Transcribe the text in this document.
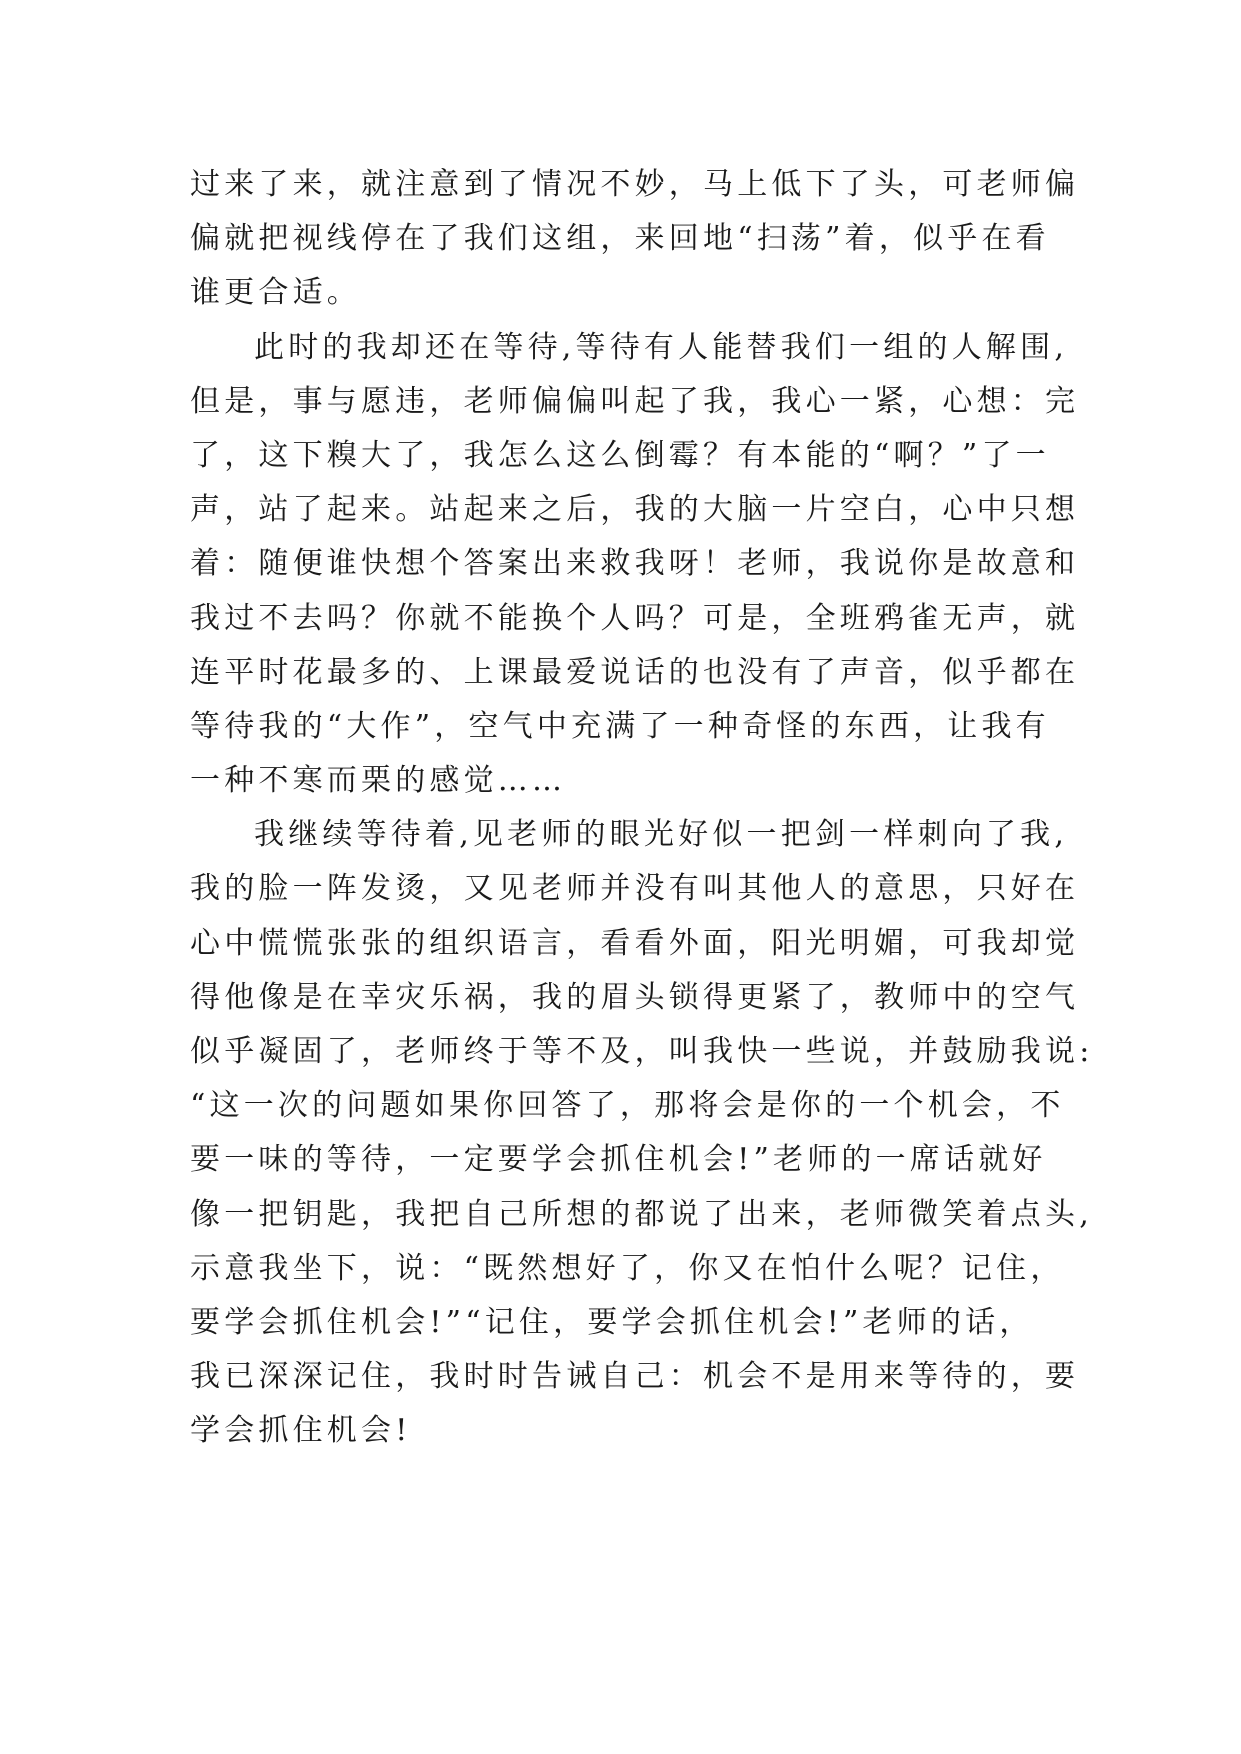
过来了来，就注意到了情况不妙，马上低下了头，可老师偏
偏就把视线停在了我们这组，来回地“扫荡”着，似乎在看
谁更合适。
此时的我却还在等待,等待有人能替我们一组的人解围,
但是，事与愿违，老师偏偏叫起了我，我心一紧，心想：完
了，这下糗大了，我怎么这么倒霉？有本能的“啊？”了一
声，站了起来。站起来之后，我的大脑一片空白，心中只想
着：随便谁快想个答案出来救我呀！老师，我说你是故意和
我过不去吗？你就不能换个人吗？可是，全班鸦雀无声，就
连平时花最多的、上课最爱说话的也没有了声音，似乎都在
等待我的“大作”，空气中充满了一种奇怪的东西，让我有
一种不寒而栗的感觉……
我继续等待着,见老师的眼光好似一把剑一样刺向了我,
我的脸一阵发烫，又见老师并没有叫其他人的意思，只好在
心中慌慌张张的组织语言，看看外面，阳光明媚，可我却觉
得他像是在幸灾乐祸，我的眉头锁得更紧了，教师中的空气
似乎凝固了，老师终于等不及，叫我快一些说，并鼓励我说:
“这一次的问题如果你回答了，那将会是你的一个机会，不
要一味的等待，一定要学会抓住机会!”老师的一席话就好
像一把钥匙，我把自己所想的都说了出来，老师微笑着点头,
示意我坐下，说：“既然想好了，你又在怕什么呢？记住，
要学会抓住机会!”“记住，要学会抓住机会!”老师的话，
我已深深记住，我时时告诫自己：机会不是用来等待的，要
学会抓住机会!
